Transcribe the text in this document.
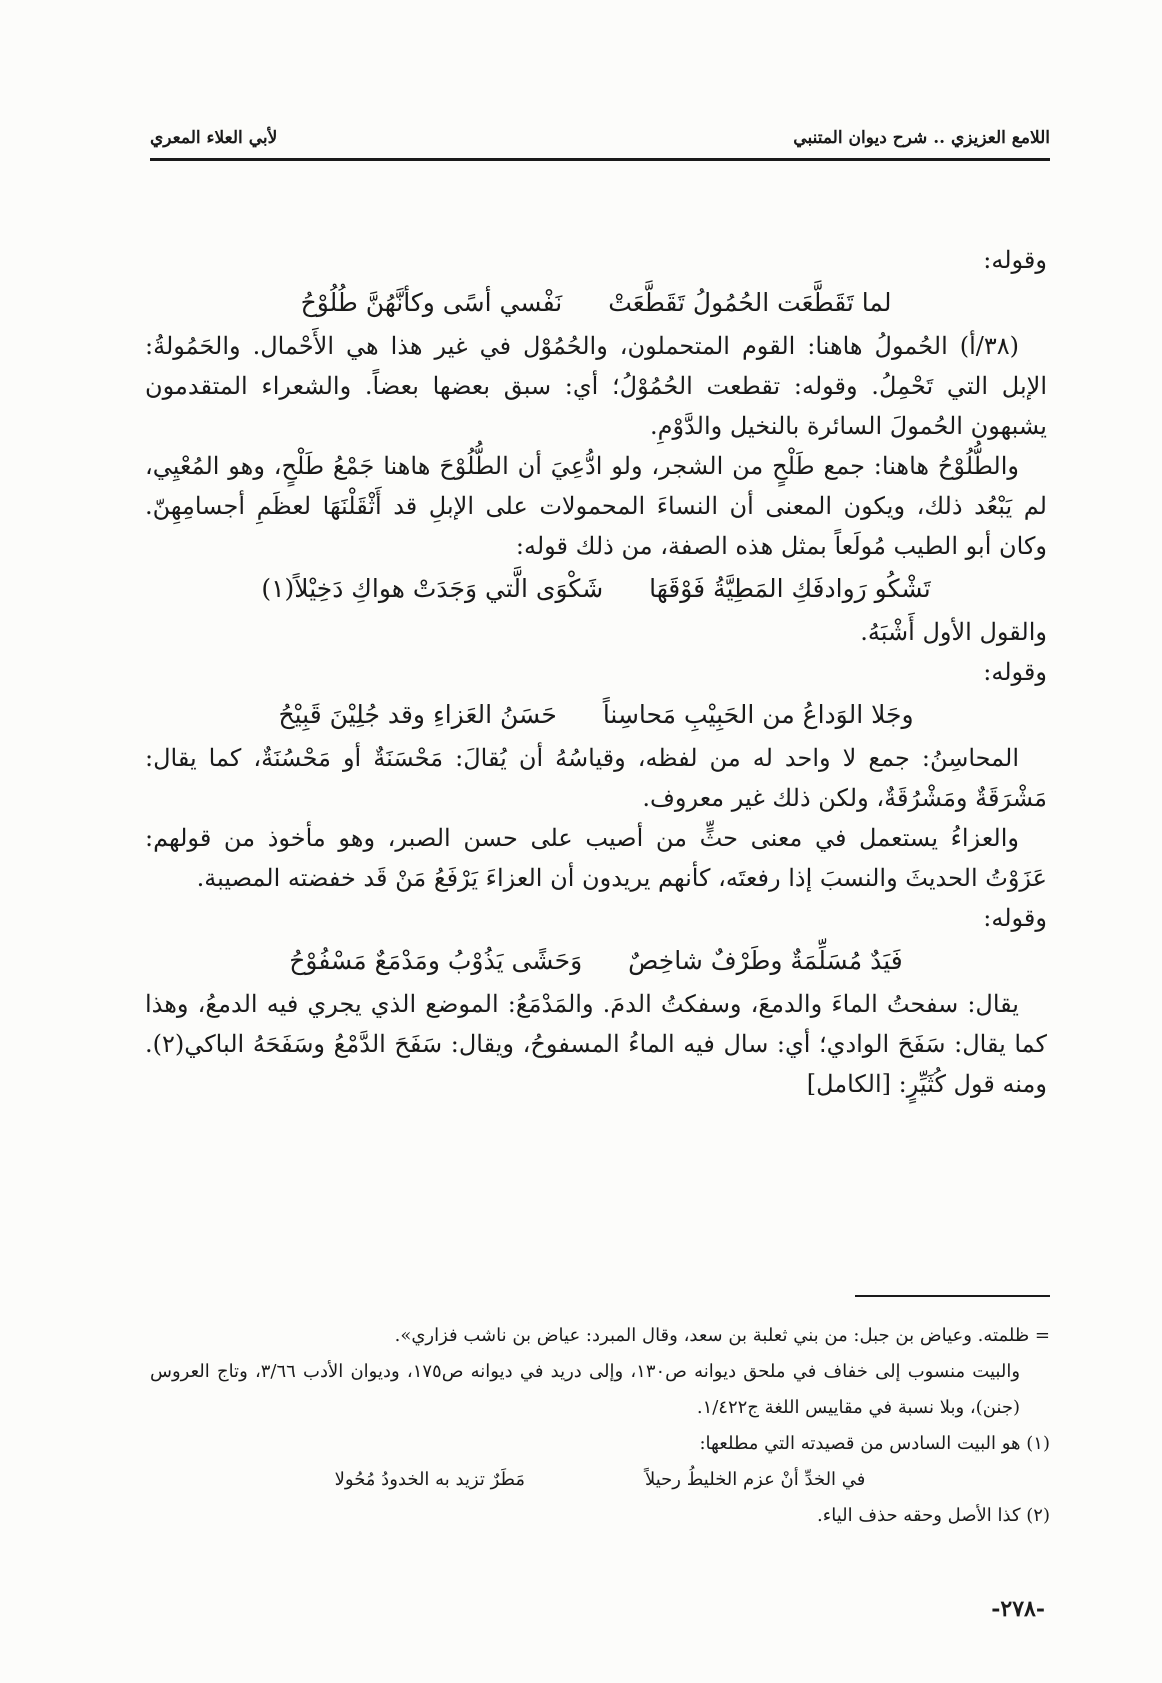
اللامع العزيزي .. شرح ديوان المتنبي
لأبي العلاء المعري

وقوله:

لما تَقَطَّعَت الحُمُولُ تَقَطَّعَتْ
نَفْسي أسًى وكأنَّهُنَّ طُلُوْحُ

(٣٨/أ) الحُمولُ هاهنا: القوم المتحملون، والحُمُوْل في غير هذا هي الأَحْمال. والحَمُولةُ: الإبل التي تَحْمِلُ. وقوله: تقطعت الحُمُوْلُ؛ أي: سبق بعضها بعضاً. والشعراء المتقدمون يشبهون الحُمولَ السائرة بالنخيل والدَّوْمِ.

والطُّلُوْحُ هاهنا: جمع طَلْحٍ من الشجر، ولو ادُّعِيَ أن الطُّلُوْحَ هاهنا جَمْعُ طَلْحٍ، وهو المُعْيِي، لم يَبْعُد ذلك، ويكون المعنى أن النساءَ المحمولات على الإبلِ قد أَثْقَلْنَهَا لعظَمِ أجسامِهِنّ. وكان أبو الطيب مُولَعاً بمثل هذه الصفة، من ذلك قوله:

تَشْكُو رَوادفَكِ المَطِيَّةُ فَوْقَهَا
شَكْوَى الَّتي وَجَدَتْ هواكِ دَخِيْلاً(١)

والقول الأول أَشْبَهُ.

وقوله:

وجَلا الوَداعُ من الحَبِيْبِ مَحاسِناً
حَسَنُ العَزاءِ وقد جُلِيْنَ قَبِيْحُ

المحاسِنُ: جمع لا واحد له من لفظه، وقياسُهُ أن يُقالَ: مَحْسَنَةٌ أو مَحْسُنَةٌ، كما يقال: مَشْرَقَةٌ ومَشْرُقَةٌ، ولكن ذلك غير معروف.

والعزاءُ يستعمل في معنى حثٍّ من أصيب على حسن الصبر، وهو مأخوذ من قولهم: عَزَوْتُ الحديثَ والنسبَ إذا رفعتَه، كأنهم يريدون أن العزاءَ يَرْفَعُ مَنْ قَد خفضته المصيبة.

وقوله:

فَيَدٌ مُسَلِّمَةٌ وطَرْفٌ شاخِصٌ
وَحَشًى يَذُوْبُ ومَدْمَعٌ مَسْفُوْحُ

يقال: سفحتُ الماءَ والدمعَ، وسفكتُ الدمَ. والمَدْمَعُ: الموضع الذي يجري فيه الدمعُ، وهذا كما يقال: سَفَحَ الوادي؛ أي: سال فيه الماءُ المسفوحُ، ويقال: سَفَحَ الدَّمْعُ وسَفَحَهُ الباكي(٢). ومنه قول كُثَيِّرٍ: [الكامل]

= ظلمته. وعياض بن جبل: من بني ثعلبة بن سعد، وقال المبرد: عياض بن ناشب فزاري».

والبيت منسوب إلى خفاف في ملحق ديوانه ص١٣٠، وإلى دريد في ديوانه ص١٧٥، وديوان الأدب ٣/٦٦، وتاج العروس (جنن)، وبلا نسبة في مقاييس اللغة ج١/٤٢٢.

(١) هو البيت السادس من قصيدته التي مطلعها:

في الخدِّ أنْ عزم الخليطُ رحيلاً
مَطَرٌ تزيد به الخدودُ مُحُولا

(٢) كذا الأصل وحقه حذف الياء.

-٢٧٨-
